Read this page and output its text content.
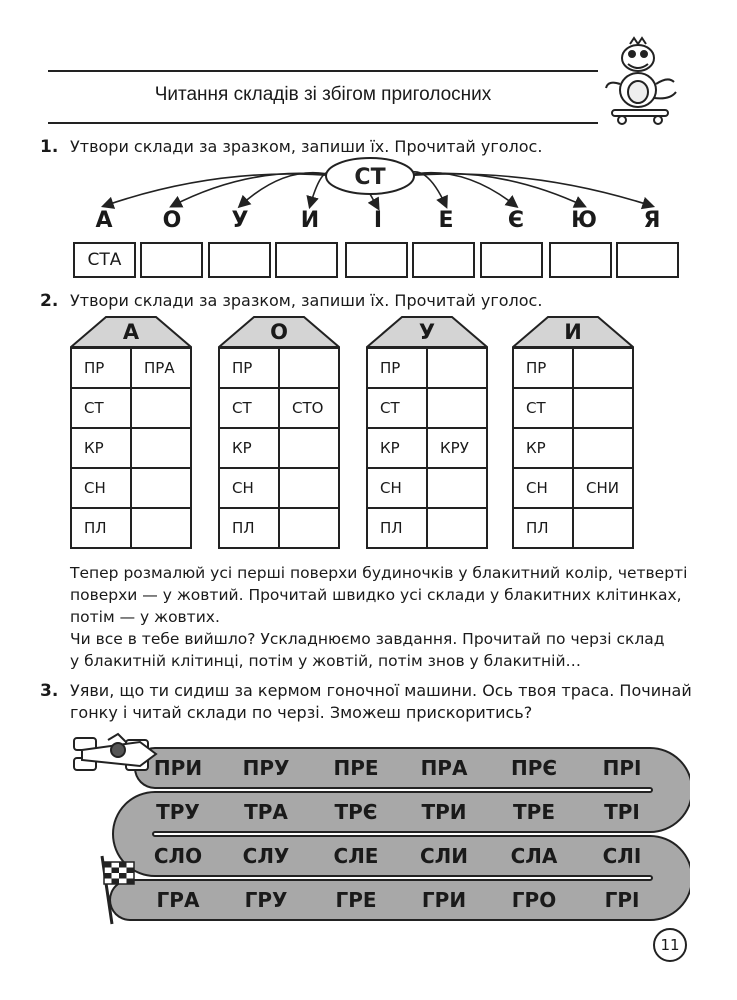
Читання складів зі збігом приголосних
1. Утвори склади за зразком, запиши їх. Прочитай уголос.
СТ
А	О	У	И	І	Е	Є	Ю	Я
СТА
2. Утвори склади за зразком, запиши їх. Прочитай уголос.
А
ПР	ПРА
СТ
КР
СН
ПЛ
О
ПР
СТ	СТО
КР
СН
ПЛ
У
ПР
СТ
КР	КРУ
СН
ПЛ
И
ПР
СТ
КР
СН	СНИ
ПЛ
Тепер розмалюй усі перші поверхи будиночків у блакитний колір, четверті
поверхи — у жовтий. Прочитай швидко усі склади у блакитних клітинках,
потім — у жовтих.
Чи все в тебе вийшло? Ускладнюємо завдання. Прочитай по черзі склад
у блакитній клітинці, потім у жовтій, потім знов у блакитній…
3. Уяви, що ти сидиш за кермом гоночної машини. Ось твоя траса. Починай
гонку і читай склади по черзі. Зможеш прискоритись?
ПРИ	ПРУ	ПРЕ	ПРА	ПРЄ	ПРІ
ТРУ	ТРА	ТРЄ	ТРИ	ТРЕ	ТРІ
СЛО	СЛУ	СЛЕ	СЛИ	СЛА	СЛІ
ГРА	ГРУ	ГРЕ	ГРИ	ГРО	ГРІ
11
